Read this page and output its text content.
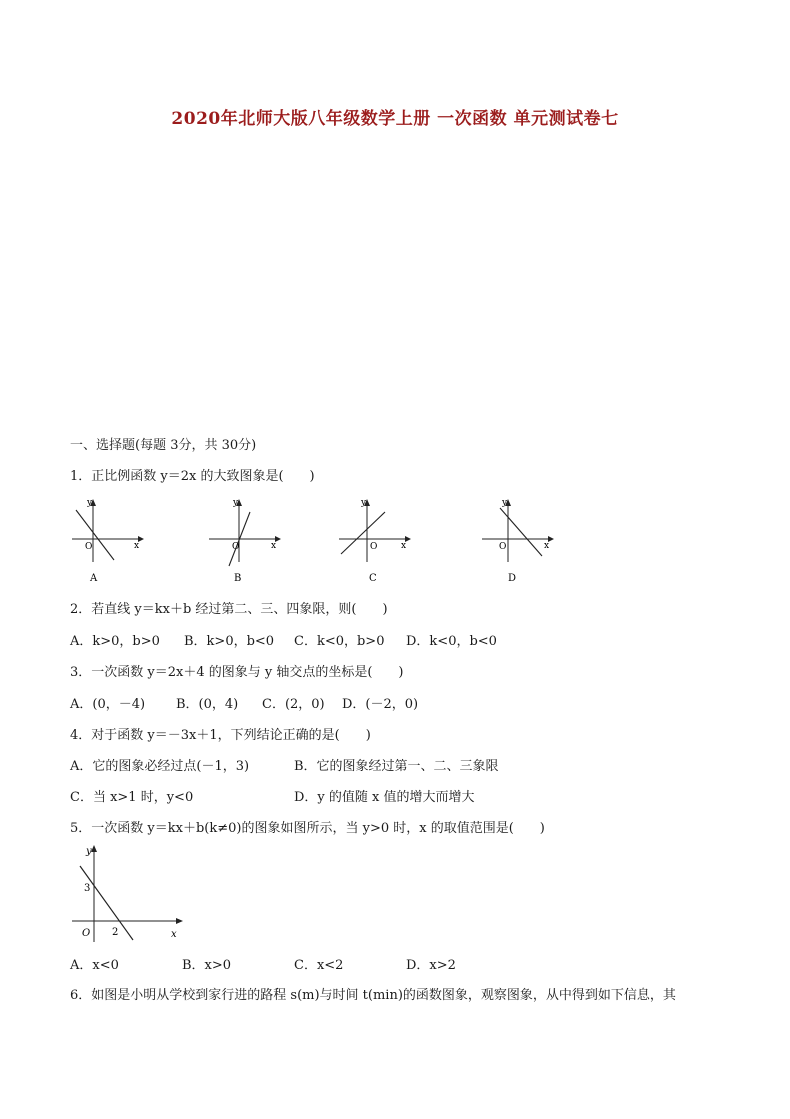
2020年北师大版八年级数学上册 一次函数 单元测试卷七
一、选择题(每题 3分，共 30分)
1．正比例函数 y＝2x 的大致图象是(　　)
y
x
O
A
y
x
O
B
y
x
O
C
y
x
O
D
2．若直线 y＝kx＋b 经过第二、三、四象限，则(　　)
A．k>0，b>0 B．k>0，b<0 C．k<0，b>0 D．k<0，b<0
3．一次函数 y＝2x＋4 的图象与 y 轴交点的坐标是(　　)
A．(0，－4) B．(0，4) C．(2，0) D．(－2，0)
4．对于函数 y＝－3x＋1，下列结论正确的是(　　)
A．它的图象必经过点(－1，3)	B．它的图象经过第一、二、三象限
C．当 x>1 时，y<0	D．y 的值随 x 值的增大而增大
5．一次函数 y＝kx＋b(k≠0)的图象如图所示，当 y>0 时，x 的取值范围是(　　)
y
x
O
3
2
A．x<0	B．x>0	C．x<2	D．x>2
6．如图是小明从学校到家行进的路程 s(m)与时间 t(min)的函数图象，观察图象，从中得到如下信息，其
